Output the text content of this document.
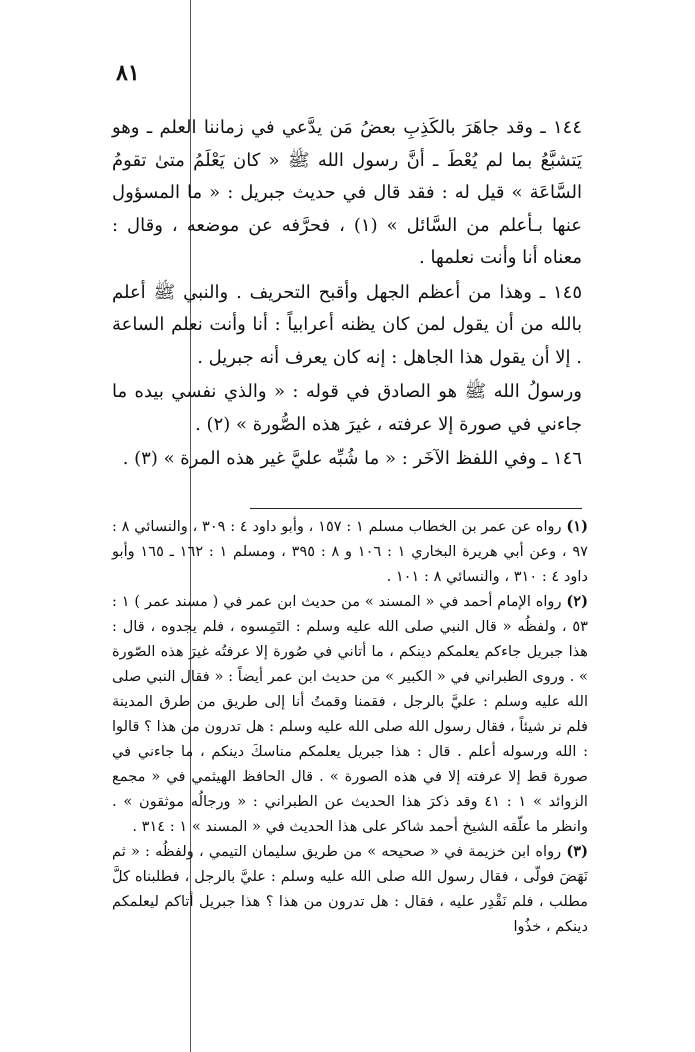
٨١

١٤٤ ـ وقد جاهَرَ بالكَذِبِ بعضُ مَن يدَّعي في زماننا العلم ـ وهو يَتشبَّعُ بما لم يُعْطَ ـ أنَّ رسول الله ﷺ « كان يَعْلَمُ متىٰ تقومُ السَّاعَة » قيل له : فقد قال في حديث جبريل : « ما المسؤول عنها بـأعلم من السَّائل » (١) ، فحرَّفه عن موضعه ، وقال : معناه أنا وأنت نعلمها .

١٤٥ ـ وهذا من أعظم الجهل وأقبح التحريف . والنبي ﷺ أعلم بالله من أن يقول لمن كان يظنه أعرابياً : أنا وأنت نعلم الساعة . إلا أن يقول هذا الجاهل : إنه كان يعرف أنه جبريل .

ورسولُ الله ﷺ هو الصادق في قوله : « والذي نفسي بيده ما جاءني في صورة إلا عرفته ، غيرَ هذه الصُّورة » (٢) .

١٤٦ ـ وفي اللفظ الآخَر : « ما شُبِّه عليَّ غير هذه المرة » (٣) .

(١) رواه عن عمر بن الخطاب مسلم ١ : ١٥٧ ، وأبو داود ٤ : ٣٠٩ ، والنسائي ٨ : ٩٧ ، وعن أبي هريرة البخاري ١ : ١٠٦ و ٨ : ٣٩٥ ، ومسلم ١ : ١٦٢ ـ ١٦٥ وأبو داود ٤ : ٣١٠ ، والنسائي ٨ : ١٠١ .

(٢) رواه الإمام أحمد في « المسند » من حديث ابن عمر في ( مسند عمر ) ١ : ٥٣ ، ولفظُه « قال النبي صلى الله عليه وسلم : التَمِسوه ، فلم يجدوه ، قال : هذا جبريل جاءكم يعلمكم دينكم ، ما أتاني في صُورة إلا عرفتُه غيرَ هذه الصّورة » . وروى الطبراني في « الكبير » من حديث ابن عمر أيضاً : « فقال النبي صلى الله عليه وسلم : عليَّ بالرجل ، فقمنا وقمتُ أنا إلى طريق من طرق المدينة فلم نر شيئاً ، فقال رسول الله صلى الله عليه وسلم : هل تدرون من هذا ؟ قالوا : الله ورسوله أعلم . قال : هذا جبريل يعلمكم مناسكَ دينكم ، ما جاءني في صورة قط إلا عرفته إلا في هذه الصورة » . قال الحافظ الهيثمي في « مجمع الزوائد » ١ : ٤١ وقد ذكرَ هذا الحديث عن الطبراني : « ورجالُه موثقون » . وانظر ما علّقه الشيخ أحمد شاكر على هذا الحديث في « المسند » ١ : ٣١٤ .

(٣) رواه ابن خزيمة في « صحيحه » من طريق سليمان التيمي ، ولفظُه : « ثم نَهَضَ فولّى ، فقال رسول الله صلى الله عليه وسلم : عليَّ بالرجل ، فطلبناه كلَّ مطلب ، فلم نَقْدِر عليه ، فقال : هل تدرون من هذا ؟ هذا جبريل أتاكم ليعلمكم دينكم ، خذُوا
